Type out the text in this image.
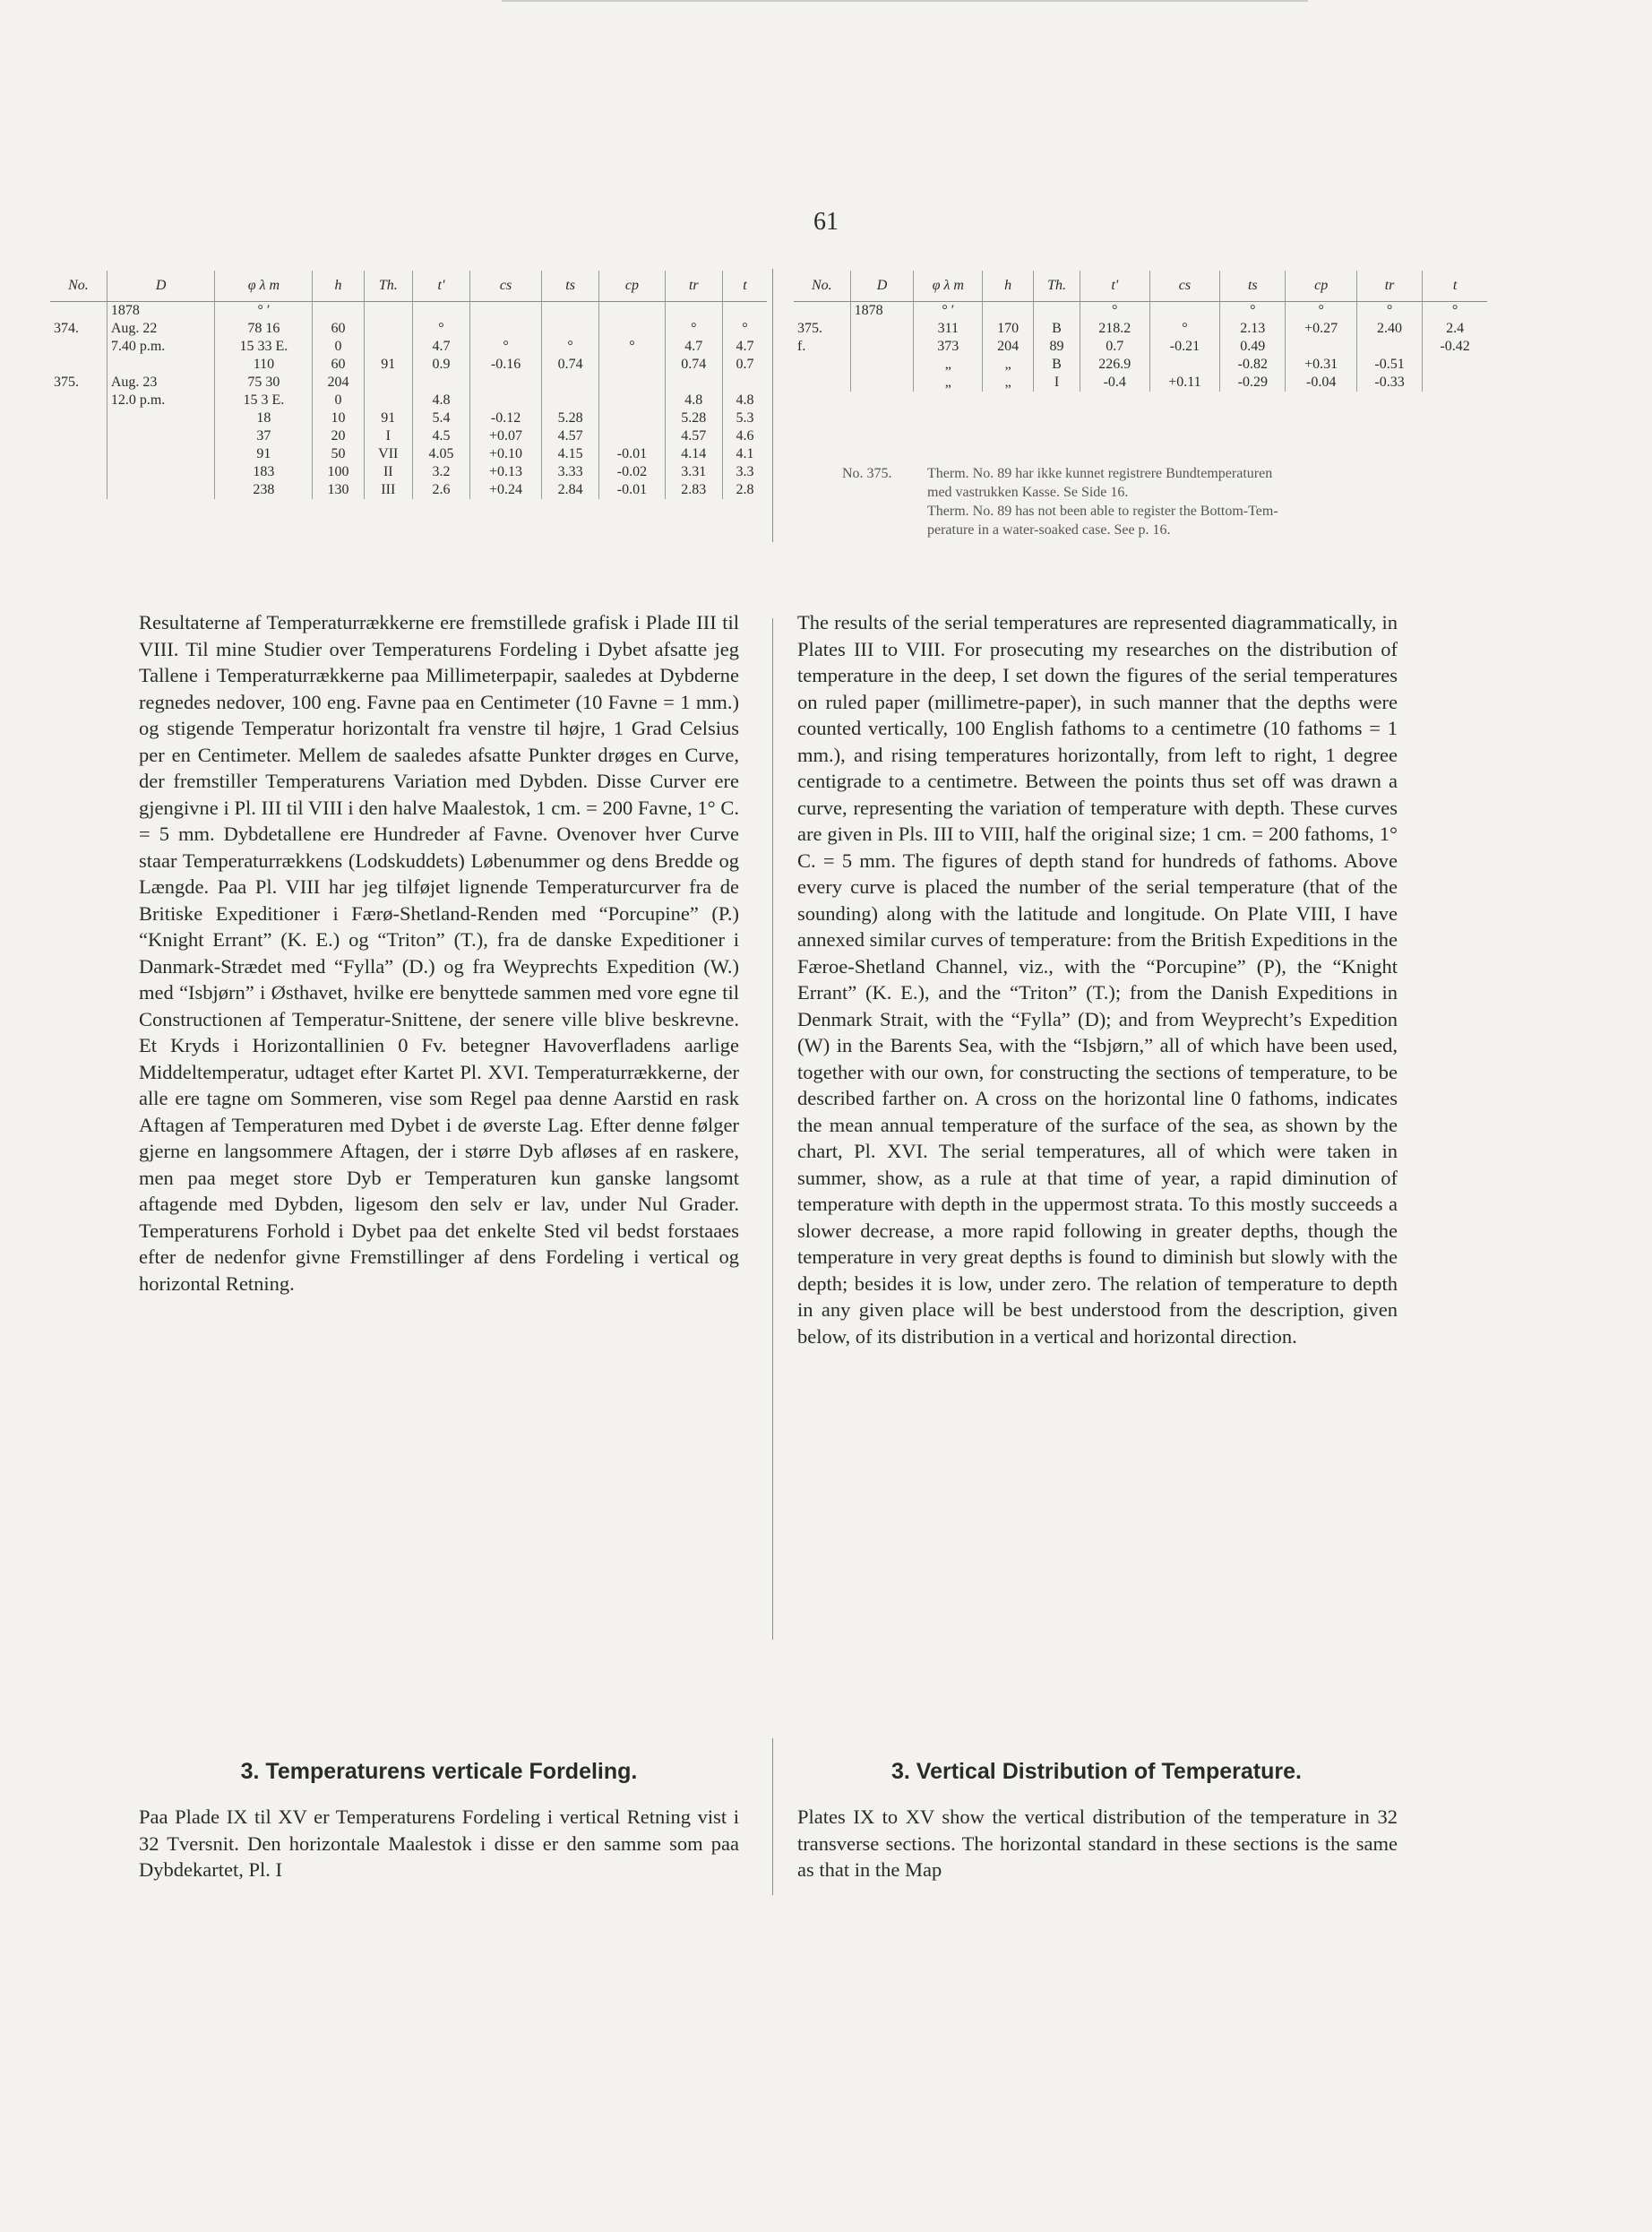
61
No.	D	φ λ m	h	Th.	t'	cs	ts	cp	tr	t
	1878	° ′								
374.	Aug. 22	78 16	60		°				°	°
	7.40 p.m.	15 33 E.	0		4.7	°	°	°	4.7	4.7
		110	60	91	0.9	-0.16	0.74		0.74	0.7

375.	Aug. 23	75 30	204							
	12.0 p.m.	15 3 E.	0		4.8				4.8	4.8
		18	10	91	5.4	-0.12	5.28		5.28	5.3
		37	20	I	4.5	+0.07	4.57		4.57	4.6
		91	50	VII	4.05	+0.10	4.15	-0.01	4.14	4.1
		183	100	II	3.2	+0.13	3.33	-0.02	3.31	3.3
		238	130	III	2.6	+0.24	2.84	-0.01	2.83	2.8
No.	D	φ λ m	h	Th.	t'	cs	ts	cp	tr	t
	1878	° ′			°		°	°	°	°
375.		311	170	B	218.2	°	2.13	+0.27	2.40	2.4
f.		373	204	89	0.7	-0.21	0.49			-0.42
		„	„	B	226.9		-0.82	+0.31	-0.51	
		„	„	I	-0.4	+0.11	-0.29	-0.04	-0.33	
No. 375. Therm. No. 89 har ikke kunnet registrere Bundtemperaturen
med vastrukken Kasse. Se Side 16.
Therm. No. 89 has not been able to register the Bottom-Tem-
perature in a water-soaked case. See p. 16.

Resultaterne af Temperaturrækkerne ere fremstillede grafisk i Plade III til VIII. Til mine Studier over Temperaturens Fordeling i Dybet afsatte jeg Tallene i Temperaturrækkerne paa Millimeterpapir, saaledes at Dybderne regnedes nedover, 100 eng. Favne paa en Centimeter (10 Favne = 1 mm.) og stigende Temperatur horizontalt fra venstre til højre, 1 Grad Celsius per en Centimeter. Mellem de saaledes afsatte Punkter drøges en Curve, der fremstiller Temperaturens Variation med Dybden. Disse Curver ere gjengivne i Pl. III til VIII i den halve Maalestok, 1 cm. = 200 Favne, 1° C. = 5 mm. Dybdetallene ere Hundreder af Favne. Ovenover hver Curve staar Temperaturrækkens (Lodskuddets) Løbenummer og dens Bredde og Længde. Paa Pl. VIII har jeg tilføjet lignende Temperaturcurver fra de Britiske Expeditioner i Færø-Shetland-Renden med “Porcupine” (P.) “Knight Errant” (K. E.) og “Triton” (T.), fra de danske Expeditioner i Danmark-Strædet med “Fylla” (D.) og fra Weyprechts Expedition (W.) med “Isbjørn” i Østhavet, hvilke ere benyttede sammen med vore egne til Constructionen af Temperatur-Snittene, der senere ville blive beskrevne. Et Kryds i Horizontallinien 0 Fv. betegner Havoverfladens aarlige Middeltemperatur, udtaget efter Kartet Pl. XVI. Temperaturrækkerne, der alle ere tagne om Sommeren, vise som Regel paa denne Aarstid en rask Aftagen af Temperaturen med Dybet i de øverste Lag. Efter denne følger gjerne en langsommere Aftagen, der i større Dyb afløses af en raskere, men paa meget store Dyb er Temperaturen kun ganske langsomt aftagende med Dybden, ligesom den selv er lav, under Nul Grader. Temperaturens Forhold i Dybet paa det enkelte Sted vil bedst forstaaes efter de nedenfor givne Fremstillinger af dens Fordeling i vertical og horizontal Retning.

The results of the serial temperatures are represented diagrammatically, in Plates III to VIII. For prosecuting my researches on the distribution of temperature in the deep, I set down the figures of the serial temperatures on ruled paper (millimetre-paper), in such manner that the depths were counted vertically, 100 English fathoms to a centimetre (10 fathoms = 1 mm.), and rising temperatures horizontally, from left to right, 1 degree centigrade to a centimetre. Between the points thus set off was drawn a curve, representing the variation of temperature with depth. These curves are given in Pls. III to VIII, half the original size; 1 cm. = 200 fathoms, 1° C. = 5 mm. The figures of depth stand for hundreds of fathoms. Above every curve is placed the number of the serial temperature (that of the sounding) along with the latitude and longitude. On Plate VIII, I have annexed similar curves of temperature: from the British Expeditions in the Færoe-Shetland Channel, viz., with the “Porcupine” (P), the “Knight Errant” (K. E.), and the “Triton” (T.); from the Danish Expeditions in Denmark Strait, with the “Fylla” (D); and from Weyprecht’s Expedition (W) in the Barents Sea, with the “Isbjørn,” all of which have been used, together with our own, for constructing the sections of temperature, to be described farther on. A cross on the horizontal line 0 fathoms, indicates the mean annual temperature of the surface of the sea, as shown by the chart, Pl. XVI. The serial temperatures, all of which were taken in summer, show, as a rule at that time of year, a rapid diminution of temperature with depth in the uppermost strata. To this mostly succeeds a slower decrease, a more rapid following in greater depths, though the temperature in very great depths is found to diminish but slowly with the depth; besides it is low, under zero. The relation of temperature to depth in any given place will be best understood from the description, given below, of its distribution in a vertical and horizontal direction.

3. Temperaturens verticale Fordeling.	3. Vertical Distribution of Temperature.
Paa Plade IX til XV er Temperaturens Fordeling i vertical Retning vist i 32 Tversnit. Den horizontale Maalestok i disse er den samme som paa Dybdekartet, Pl. I
Plates IX to XV show the vertical distribution of the temperature in 32 transverse sections. The horizontal standard in these sections is the same as that in the Map
